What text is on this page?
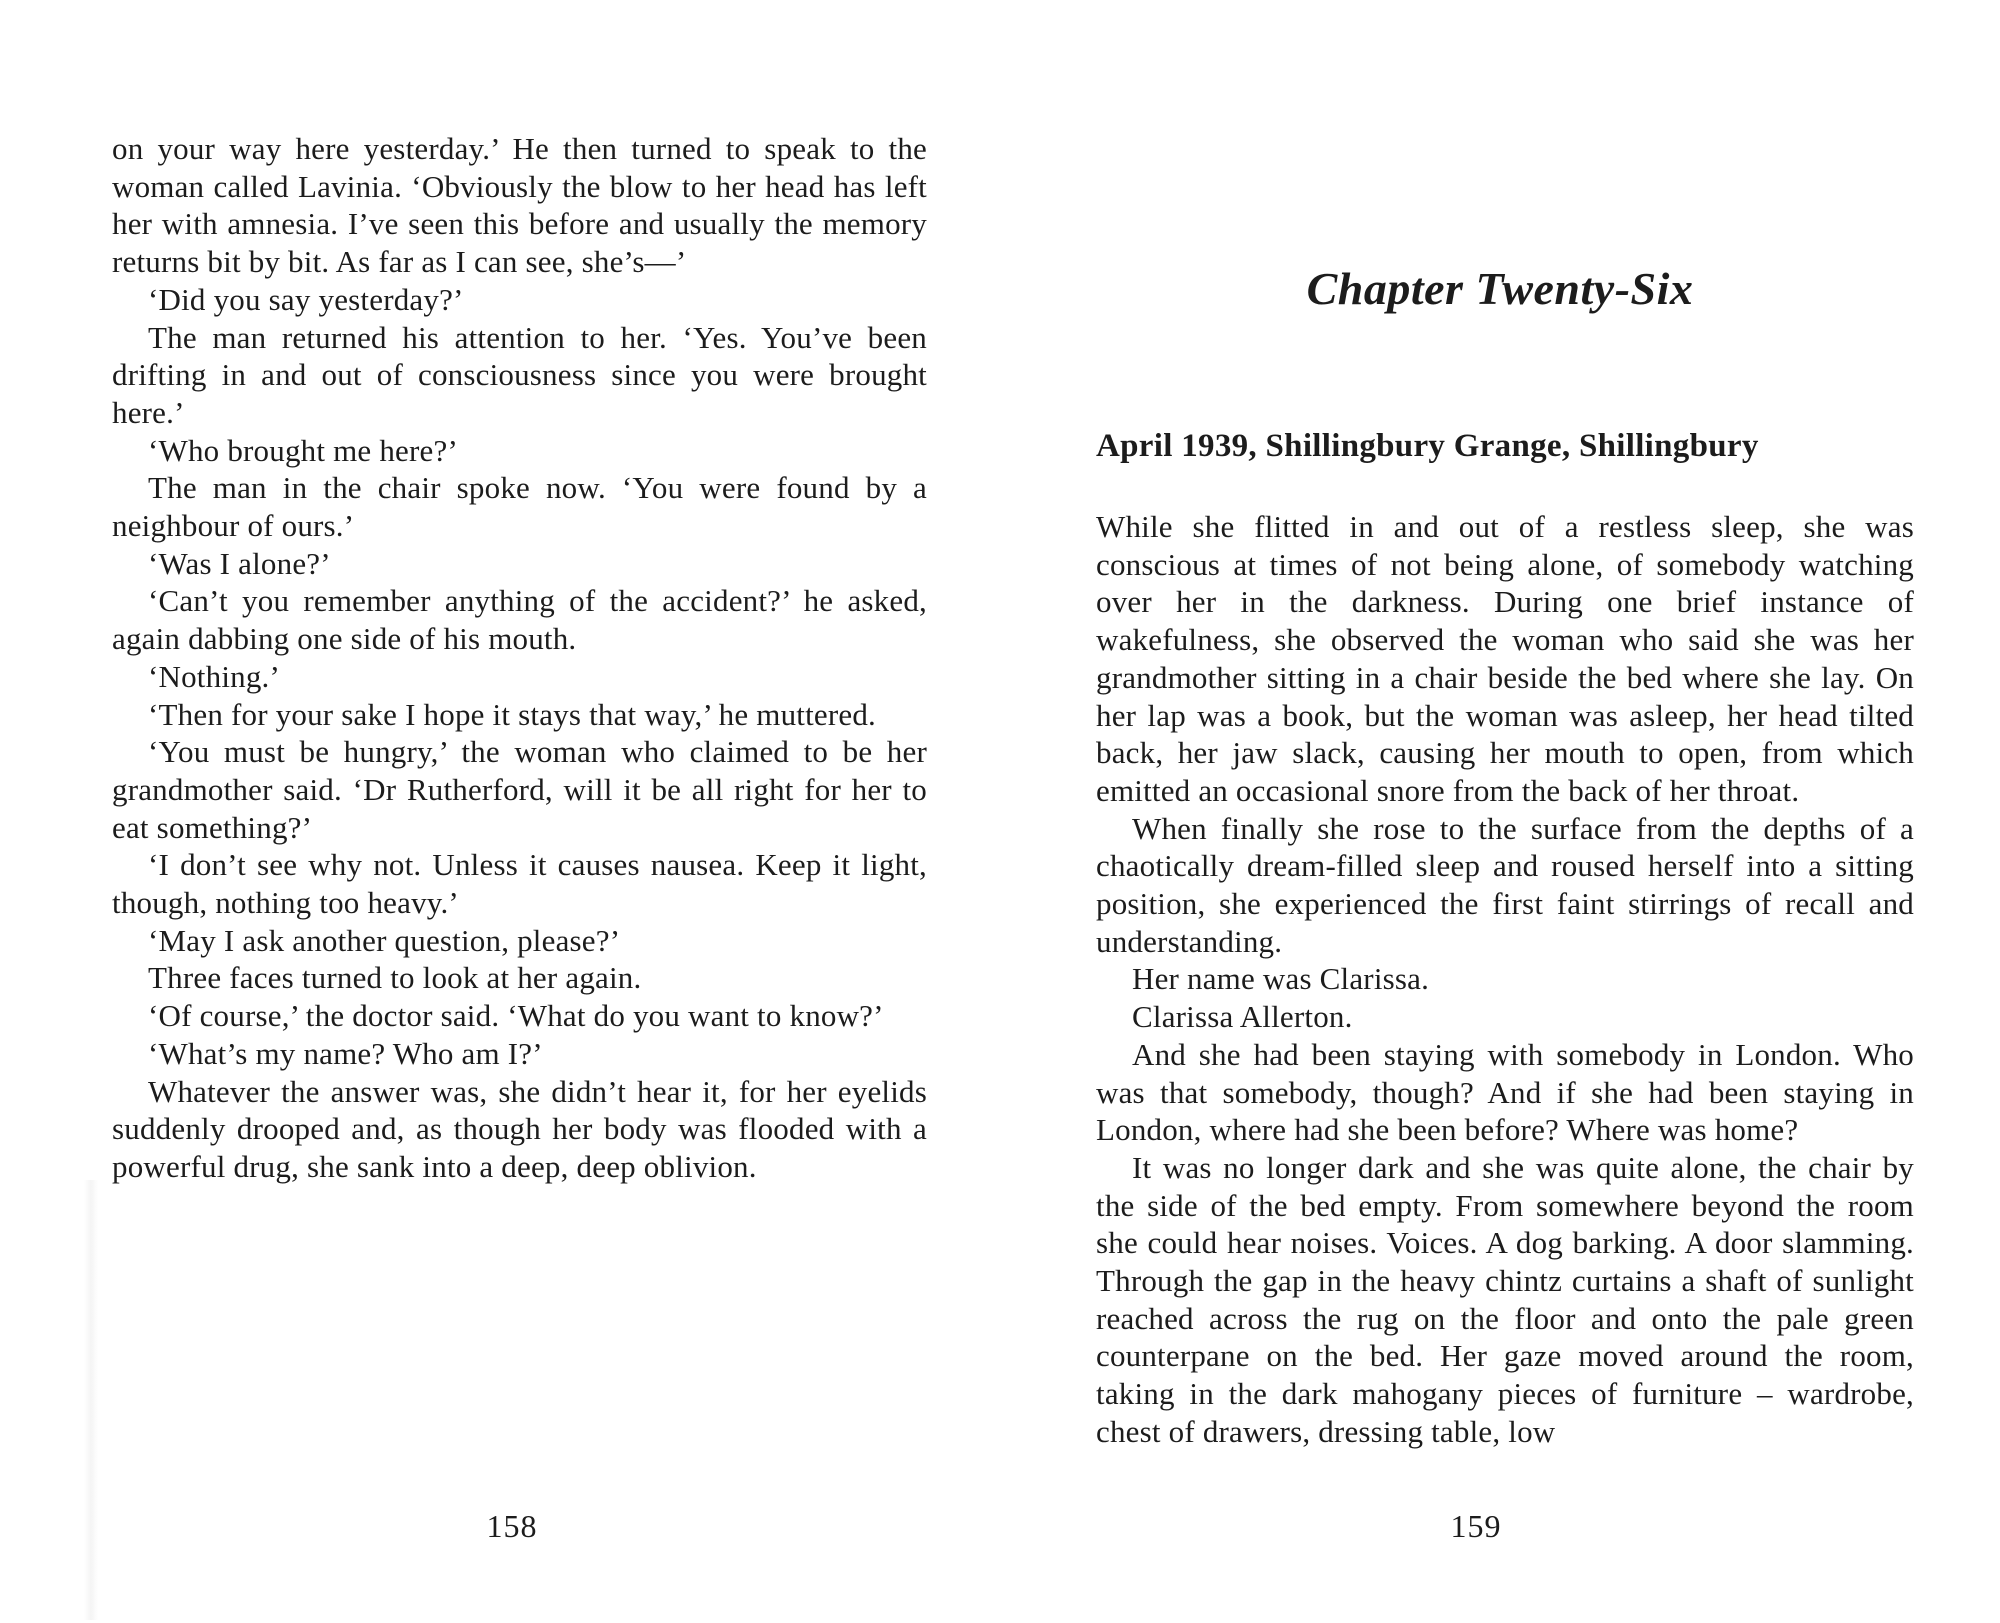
on your way here yesterday.’ He then turned to speak to the woman called Lavinia. ‘Obviously the blow to her head has left her with amnesia. I’ve seen this before and usually the memory returns bit by bit. As far as I can see, she’s—’

‘Did you say yesterday?’

The man returned his attention to her. ‘Yes. You’ve been drifting in and out of consciousness since you were brought here.’

‘Who brought me here?’

The man in the chair spoke now. ‘You were found by a neighbour of ours.’

‘Was I alone?’

‘Can’t you remember anything of the accident?’ he asked, again dabbing one side of his mouth.

‘Nothing.’

‘Then for your sake I hope it stays that way,’ he muttered.

‘You must be hungry,’ the woman who claimed to be her grandmother said. ‘Dr Rutherford, will it be all right for her to eat something?’

‘I don’t see why not. Unless it causes nausea. Keep it light, though, nothing too heavy.’

‘May I ask another question, please?’

Three faces turned to look at her again.

‘Of course,’ the doctor said. ‘What do you want to know?’

‘What’s my name? Who am I?’

Whatever the answer was, she didn’t hear it, for her eyelids suddenly drooped and, as though her body was flooded with a powerful drug, she sank into a deep, deep oblivion.

158
Chapter Twenty-Six
April 1939, Shillingbury Grange, Shillingbury

While she flitted in and out of a restless sleep, she was conscious at times of not being alone, of somebody watching over her in the darkness. During one brief instance of wakefulness, she observed the woman who said she was her grandmother sitting in a chair beside the bed where she lay. On her lap was a book, but the woman was asleep, her head tilted back, her jaw slack, causing her mouth to open, from which emitted an occasional snore from the back of her throat.

When finally she rose to the surface from the depths of a chaotically dream-filled sleep and roused herself into a sitting position, she experienced the first faint stirrings of recall and understanding.

Her name was Clarissa.

Clarissa Allerton.

And she had been staying with somebody in London. Who was that somebody, though? And if she had been staying in London, where had she been before? Where was home?

It was no longer dark and she was quite alone, the chair by the side of the bed empty. From somewhere beyond the room she could hear noises. Voices. A dog barking. A door slamming. Through the gap in the heavy chintz curtains a shaft of sunlight reached across the rug on the floor and onto the pale green counterpane on the bed. Her gaze moved around the room, taking in the dark mahogany pieces of furniture – wardrobe, chest of drawers, dressing table, low

159
